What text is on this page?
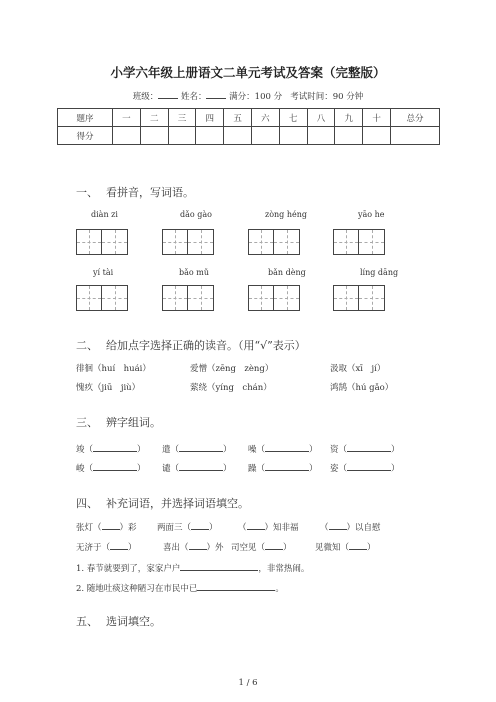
小学六年级上册语文二单元考试及答案（完整版）
班级：	姓名：	满分：100 分 考试时间：90 分钟
题序	一	二	三	四	五	六	七	八	九	十	总分
得分											
一、 看拼音，写词语。
diàn zi	dǎo gào	zòng héng	yāo he
yí tài	bǎo mǔ	bǎn dèng	líng dāng
二、 给加点字选择正确的读音。（用“√”表示）
徘徊（huí　huái）	爱憎（zēng　zèng）	汲取（xī　jí）
愧疚（jiū　jiù）	萦绕（yíng　chán）	鸿鹄（hú gǎo）
三、 辨字组词。
竣（	） 遣（	） 噪（	） 资（	）
峻（	） 谴（	） 躁（	） 姿（	）
四、 补充词语，并选择词语填空。
张灯（ ）彩 两面三（ ） （ ）知非福	（ ）以自慰
无济于（ ）	喜出（ ）外 司空见（ ）	见微知（ ）
1. 春节就要到了，家家户户	，非常热闹。
2. 随地吐痰这种陋习在市民中已	。
五、 选词填空。
1 / 6
